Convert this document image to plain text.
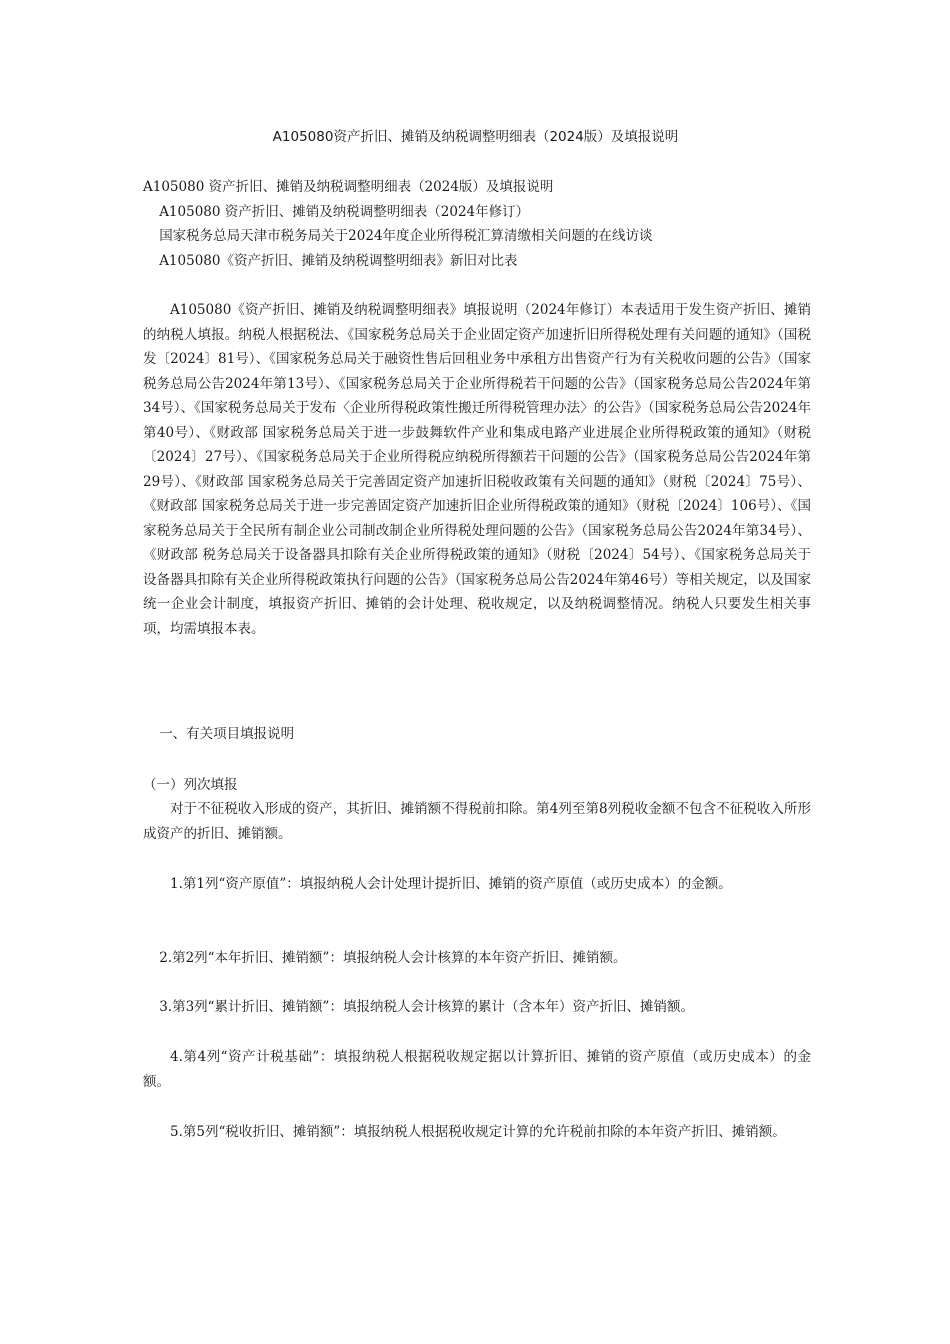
A105080资产折旧、摊销及纳税调整明细表（2024版）及填报说明
A105080 资产折旧、摊销及纳税调整明细表（2024版）及填报说明
A105080 资产折旧、摊销及纳税调整明细表（2024年修订）
国家税务总局天津市税务局关于2024年度企业所得税汇算清缴相关问题的在线访谈
A105080《资产折旧、摊销及纳税调整明细表》新旧对比表

A105080《资产折旧、摊销及纳税调整明细表》填报说明（2024年修订）本表适用于发生资产折旧、摊销的纳税人填报。纳税人根据税法、《国家税务总局关于企业固定资产加速折旧所得税处理有关问题的通知》（国税发〔2024〕81号）、《国家税务总局关于融资性售后回租业务中承租方出售资产行为有关税收问题的公告》（国家税务总局公告2024年第13号）、《国家税务总局关于企业所得税若干问题的公告》（国家税务总局公告2024年第34号）、《国家税务总局关于发布〈企业所得税政策性搬迁所得税管理办法〉的公告》（国家税务总局公告2024年第40号）、《财政部 国家税务总局关于进一步鼓舞软件产业和集成电路产业进展企业所得税政策的通知》（财税〔2024〕27号）、《国家税务总局关于企业所得税应纳税所得额若干问题的公告》（国家税务总局公告2024年第29号）、《财政部 国家税务总局关于完善固定资产加速折旧税收政策有关问题的通知》（财税〔2024〕75号）、《财政部 国家税务总局关于进一步完善固定资产加速折旧企业所得税政策的通知》（财税〔2024〕106号）、《国家税务总局关于全民所有制企业公司制改制企业所得税处理问题的公告》（国家税务总局公告2024年第34号）、《财政部 税务总局关于设备器具扣除有关企业所得税政策的通知》（财税〔2024〕54号）、《国家税务总局关于设备器具扣除有关企业所得税政策执行问题的公告》（国家税务总局公告2024年第46号）等相关规定，以及国家统一企业会计制度，填报资产折旧、摊销的会计处理、税收规定，以及纳税调整情况。纳税人只要发生相关事项，均需填报本表。

一、有关项目填报说明
（一）列次填报

对于不征税收入形成的资产，其折旧、摊销额不得税前扣除。第4列至第8列税收金额不包含不征税收入所形成资产的折旧、摊销额。

1.第1列“资产原值”：填报纳税人会计处理计提折旧、摊销的资产原值（或历史成本）的金额。

2.第2列“本年折旧、摊销额”：填报纳税人会计核算的本年资产折旧、摊销额。
3.第3列“累计折旧、摊销额”：填报纳税人会计核算的累计（含本年）资产折旧、摊销额。

4.第4列“资产计税基础”：填报纳税人根据税收规定据以计算折旧、摊销的资产原值（或历史成本）的金额。

5.第5列“税收折旧、摊销额”：填报纳税人根据税收规定计算的允许税前扣除的本年资产折旧、摊销额。
